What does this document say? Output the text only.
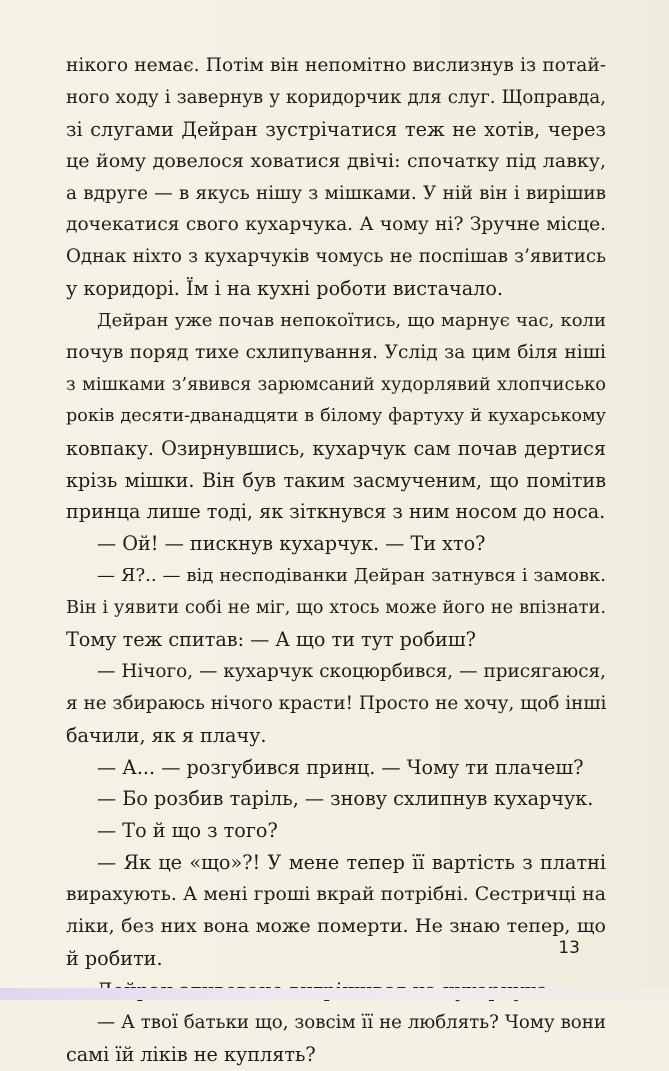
нікого немає. Потім він непомітно вислизнув із потай-
ного ходу і завернув у коридорчик для слуг. Щоправда,
зі слугами Дейран зустрічатися теж не хотів, через
це йому довелося ховатися двічі: спочатку під лавку,
а вдруге — в якусь нішу з мішками. У ній він і вирішив
дочекатися свого кухарчука. А чому ні? Зручне місце.
Однак ніхто з кухарчуків чомусь не поспішав з’явитись
у коридорі. Їм і на кухні роботи вистачало.
Дейран уже почав непокоїтись, що марнує час, коли
почув поряд тихе схлипування. Услід за цим біля ніші
з мішками з’явився зарюмсаний худорлявий хлопчисько
років десяти-дванадцяти в білому фартуху й кухарському
ковпаку. Озирнувшись, кухарчук сам почав дертися
крізь мішки. Він був таким засмученим, що помітив
принца лише тоді, як зіткнувся з ним носом до носа.
— Ой! — пискнув кухарчук. — Ти хто?
— Я?.. — від несподіванки Дейран затнувся і замовк.
Він і уявити собі не міг, що хтось може його не впізнати.
Тому теж спитав: — А що ти тут робиш?
— Нічого, — кухарчук скоцюрбився, — присягаюся,
я не збираюсь нічого красти! Просто не хочу, щоб інші
бачили, як я плачу.
— А... — розгубився принц. — Чому ти плачеш?
— Бо розбив таріль, — знову схлипнув кухарчук.
— То й що з того?
— Як це «що»?! У мене тепер її вартість з платні
вирахують. А мені гроші вкрай потрібні. Сестричці на
ліки, без них вона може померти. Не знаю тепер, що
й робити.
— А твої батьки що, зовсім її не люблять? Чому вони
самі їй ліків не куплять?
13
